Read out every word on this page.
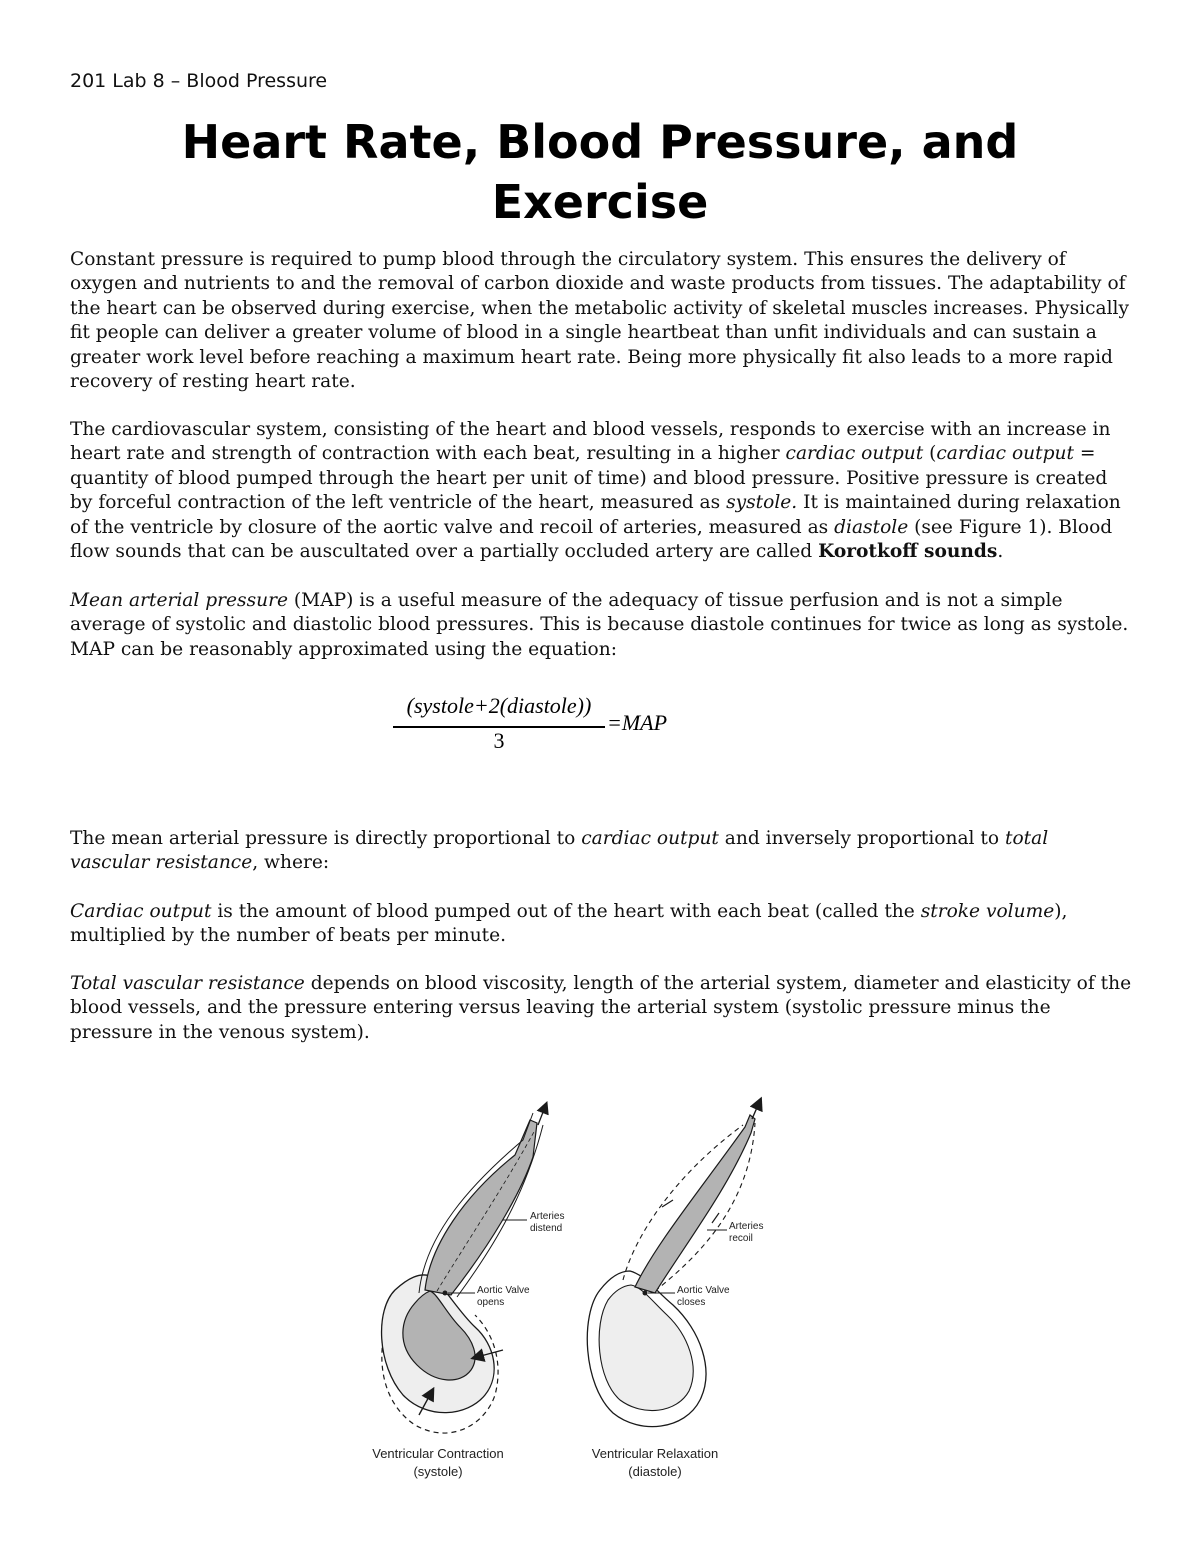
201 Lab 8 – Blood Pressure
Heart Rate, Blood Pressure, and
Exercise

Constant pressure is required to pump blood through the circulatory system. This ensures the delivery of oxygen and nutrients to and the removal of carbon dioxide and waste products from tissues. The adaptability of the heart can be observed during exercise, when the metabolic activity of skeletal muscles increases. Physically fit people can deliver a greater volume of blood in a single heartbeat than unfit individuals and can sustain a greater work level before reaching a maximum heart rate. Being more physically fit also leads to a more rapid recovery of resting heart rate.

The cardiovascular system, consisting of the heart and blood vessels, responds to exercise with an increase in heart rate and strength of contraction with each beat, resulting in a higher cardiac output (cardiac output = quantity of blood pumped through the heart per unit of time) and blood pressure. Positive pressure is created by forceful contraction of the left ventricle of the heart, measured as systole. It is maintained during relaxation of the ventricle by closure of the aortic valve and recoil of arteries, measured as diastole (see Figure 1). Blood flow sounds that can be auscultated over a partially occluded artery are called Korotkoff sounds.

Mean arterial pressure (MAP) is a useful measure of the adequacy of tissue perfusion and is not a simple average of systolic and diastolic blood pressures. This is because diastole continues for twice as long as systole. MAP can be reasonably approximated using the equation:

(systole+2(diastole))
3
=MAP

The mean arterial pressure is directly proportional to cardiac output and inversely proportional to total vascular resistance, where:

Cardiac output is the amount of blood pumped out of the heart with each beat (called the stroke volume), multiplied by the number of beats per minute.

Total vascular resistance depends on blood viscosity, length of the arterial system, diameter and elasticity of the blood vessels, and the pressure entering versus leaving the arterial system (systolic pressure minus the pressure in the venous system).

Arteries
distend
Aortic Valve
opens
Ventricular Contraction
(systole)
Arteries
recoil
Aortic Valve
closes
Ventricular Relaxation
(diastole)
